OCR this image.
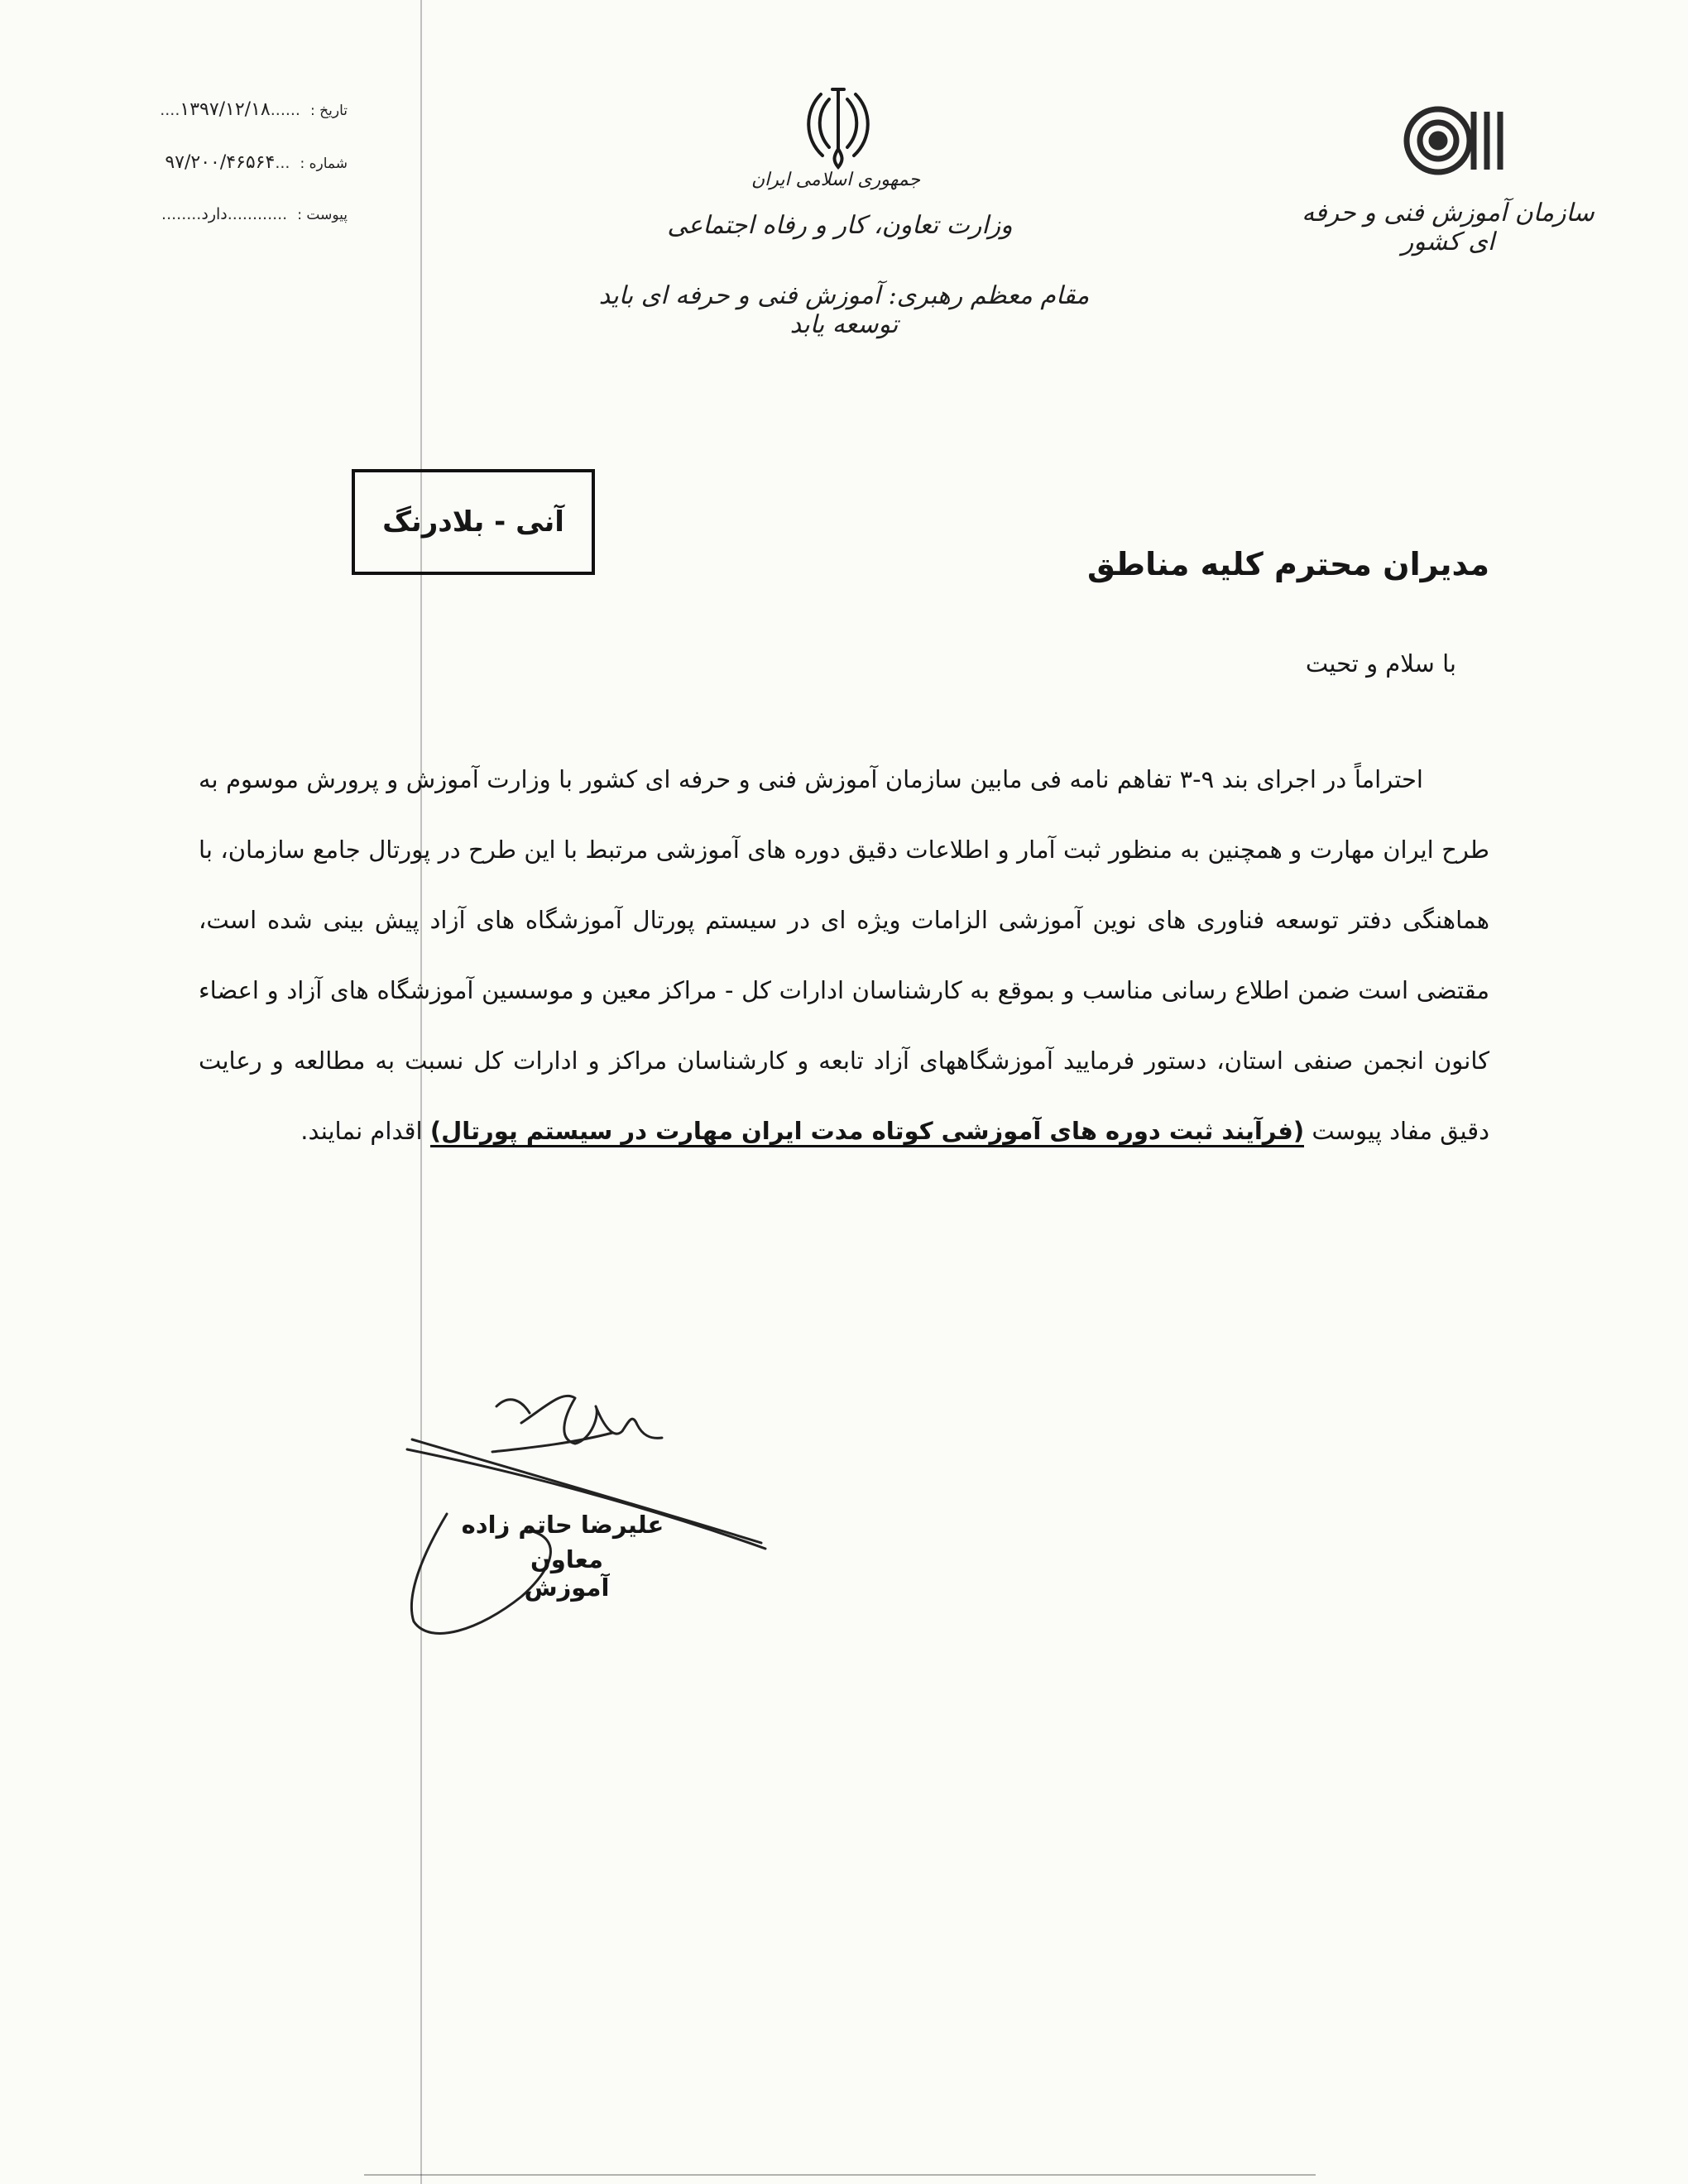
تاریخ : ......۱۳۹۷/۱۲/۱۸....
شماره : ...۹۷/۲۰۰/۴۶۵۶۴
پیوست : ............دارد........
جمهوری اسلامی ایران
وزارت تعاون، کار و رفاه اجتماعی
مقام معظم رهبری: آموزش فنی و حرفه ای باید توسعه یابد
سازمان آموزش فنی و حرفه ای کشور
آنی - بلادرنگ
مدیران محترم کلیه مناطق
با سلام و تحیت
احتراماً در اجرای بند ۹-۳ تفاهم نامه فی مابین سازمان آموزش فنی و حرفه ای کشور با وزارت آموزش و پرورش موسوم به طرح ایران مهارت و همچنین به منظور ثبت آمار و اطلاعات دقیق دوره های آموزشی مرتبط با این طرح در پورتال جامع سازمان، با هماهنگی دفتر توسعه فناوری های نوین آموزشی الزامات ویژه ای در سیستم پورتال آموزشگاه های آزاد پیش بینی شده است، مقتضی است ضمن اطلاع رسانی مناسب و بموقع به کارشناسان ادارات کل - مراکز معین و موسسین آموزشگاه های آزاد و اعضاء کانون انجمن صنفی استان، دستور فرمایید آموزشگاههای آزاد تابعه و کارشناسان مراکز و ادارات کل نسبت به مطالعه و رعایت دقیق مفاد پیوست (فرآیند ثبت دوره های آموزشی کوتاه مدت ایران مهارت در سیستم پورتال) اقدام نمایند.
علیرضا حاتم زاده
معاون آموزش
